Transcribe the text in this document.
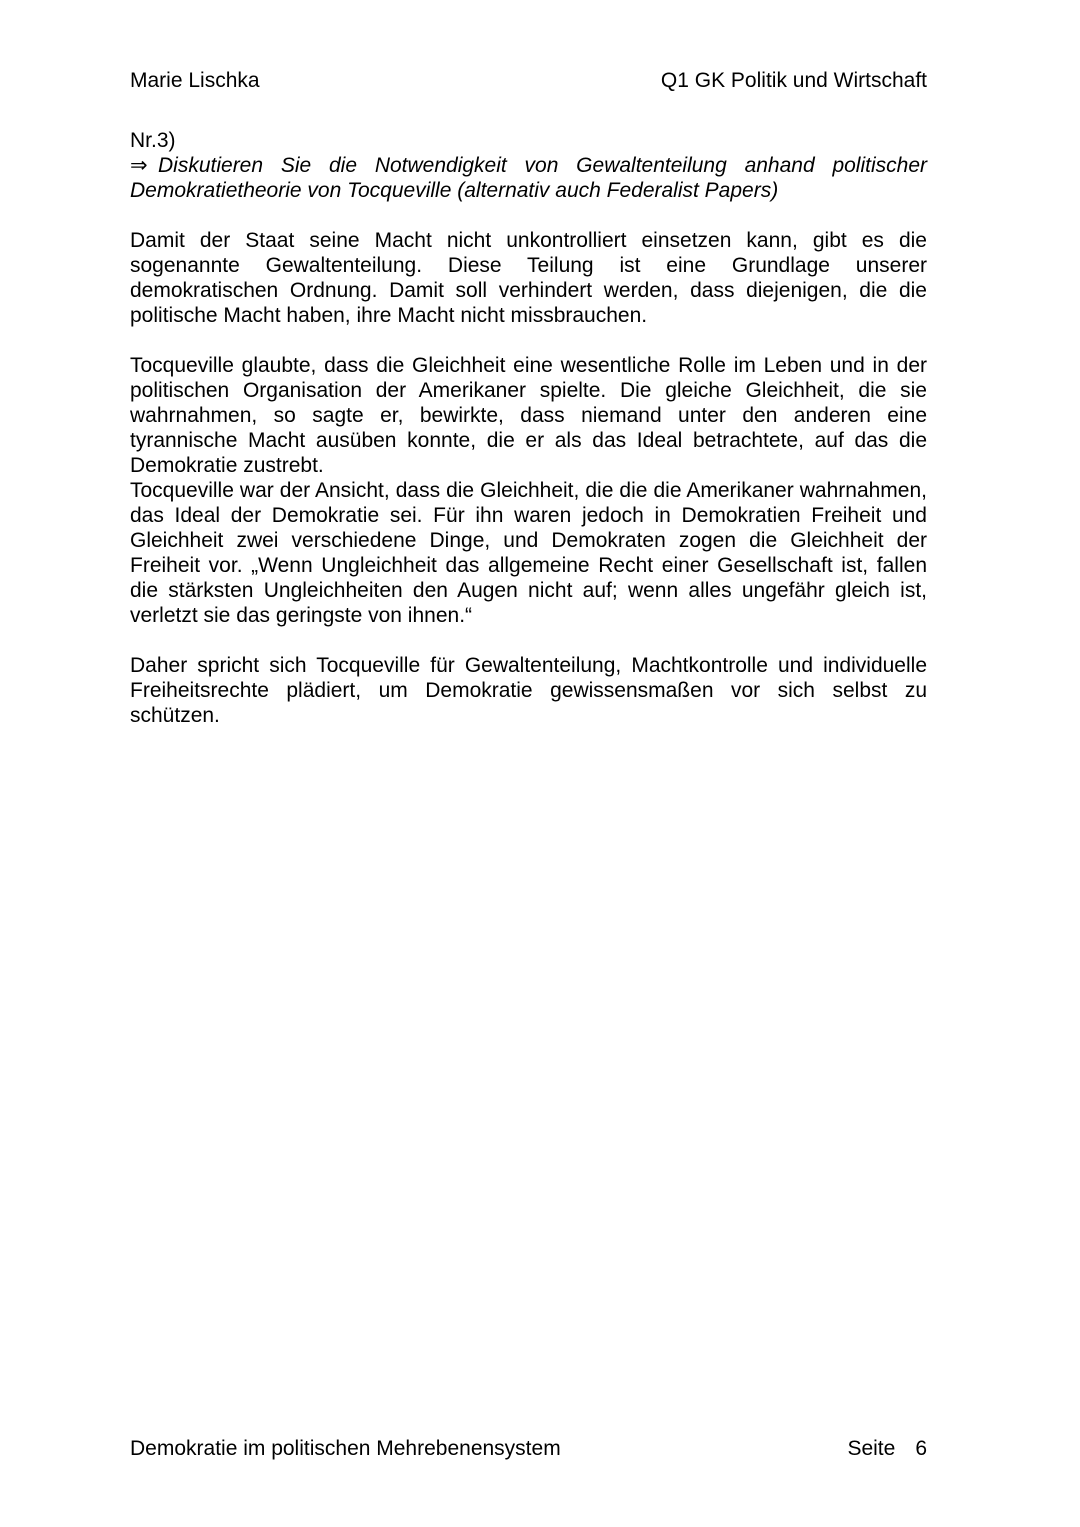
Marie Lischka	Q1 GK Politik und Wirtschaft

Nr.3)

⇒ Diskutieren Sie die Notwendigkeit von Gewaltenteilung anhand politischer Demokratietheorie von Tocqueville (alternativ auch Federalist Papers)

Damit der Staat seine Macht nicht unkontrolliert einsetzen kann, gibt es die sogenannte Gewaltenteilung. Diese Teilung ist eine Grundlage unserer demokratischen Ordnung. Damit soll verhindert werden, dass diejenigen, die die politische Macht haben, ihre Macht nicht missbrauchen.

Tocqueville glaubte, dass die Gleichheit eine wesentliche Rolle im Leben und in der politischen Organisation der Amerikaner spielte. Die gleiche Gleichheit, die sie wahrnahmen, so sagte er, bewirkte, dass niemand unter den anderen eine tyrannische Macht ausüben konnte, die er als das Ideal betrachtete, auf das die Demokratie zustrebt.

Tocqueville war der Ansicht, dass die Gleichheit, die die die Amerikaner wahrnahmen, das Ideal der Demokratie sei. Für ihn waren jedoch in Demokratien Freiheit und Gleichheit zwei verschiedene Dinge, und Demokraten zogen die Gleichheit der Freiheit vor. „Wenn Ungleichheit das allgemeine Recht einer Gesellschaft ist, fallen die stärksten Ungleichheiten den Augen nicht auf; wenn alles ungefähr gleich ist, verletzt sie das geringste von ihnen.“

Daher spricht sich Tocqueville für Gewaltenteilung, Machtkontrolle und individuelle Freiheitsrechte plädiert, um Demokratie gewissensmaßen vor sich selbst zu schützen.

Demokratie im politischen Mehrebenensystem	Seite 6
